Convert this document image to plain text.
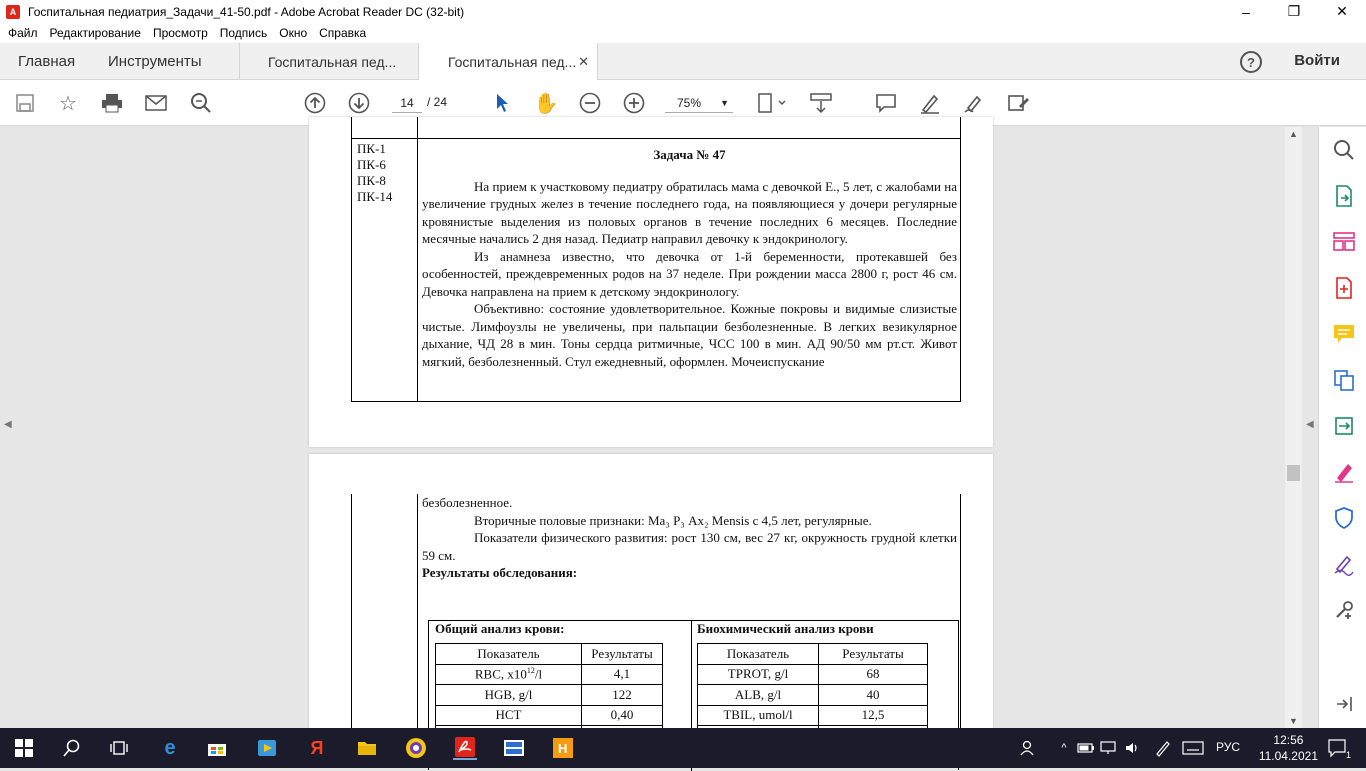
A Госпитальная педиатрия_Задачи_41-50.pdf - Adobe Acrobat Reader DC (32-bit)	–	❐	✕
Файл Редактирование Просмотр Подпись Окно Справка
Главная Инструменты	Госпитальная пед...	Госпитальная пед... ✕	?	Войти
☆	14	/ 24	✋	75% ▼
◀	◀
ПК-1
ПК-6
ПК-8
ПК-14
Задача № 47

На прием к участковому педиатру обратилась мама с девочкой Е., 5 лет, с жалобами на увеличение грудных желез в течение последнего года, на появляющиеся у дочери регулярные кровянистые выделения из половых органов в течение последних 6 месяцев. Последние месячные начались 2 дня назад. Педиатр направил девочку к эндокринологу.

Из анамнеза известно, что девочка от 1-й беременности, протекавшей без особенностей, преждевременных родов на 37 неделе. При рождении масса 2800 г, рост 46 см. Девочка направлена на прием к детскому эндокринологу.

Объективно: состояние удовлетворительное. Кожные покровы и видимые слизистые чистые. Лимфоузлы не увеличены, при пальпации безболезненные. В легких везикулярное дыхание, ЧД 28 в мин. Тоны сердца ритмичные, ЧСС 100 в мин. АД 90/50 мм рт.ст. Живот мягкий, безболезненный. Стул ежедневный, оформлен. Мочеиспускание

безболезненное.

Вторичные половые признаки: Ма₃ Р₃ Ах₂ Mensis с 4,5 лет, регулярные.

Показатели физического развития: рост 130 см, вес 27 кг, окружность грудной клетки 59 см.

Результаты обследования:
Общий анализ крови:	Биохимический анализ крови
Показатель	Результаты
RBC, $x10^{12}/l$	4,1
HGB, g/l	122
HCT	0,40

Показатель	Результаты
TPROT, g/l	68
ALB, g/l	40
TBIL, umol/l	12,5

▲
▼
e	Я	H	^	РУС	12:56
11.04.2021	1
